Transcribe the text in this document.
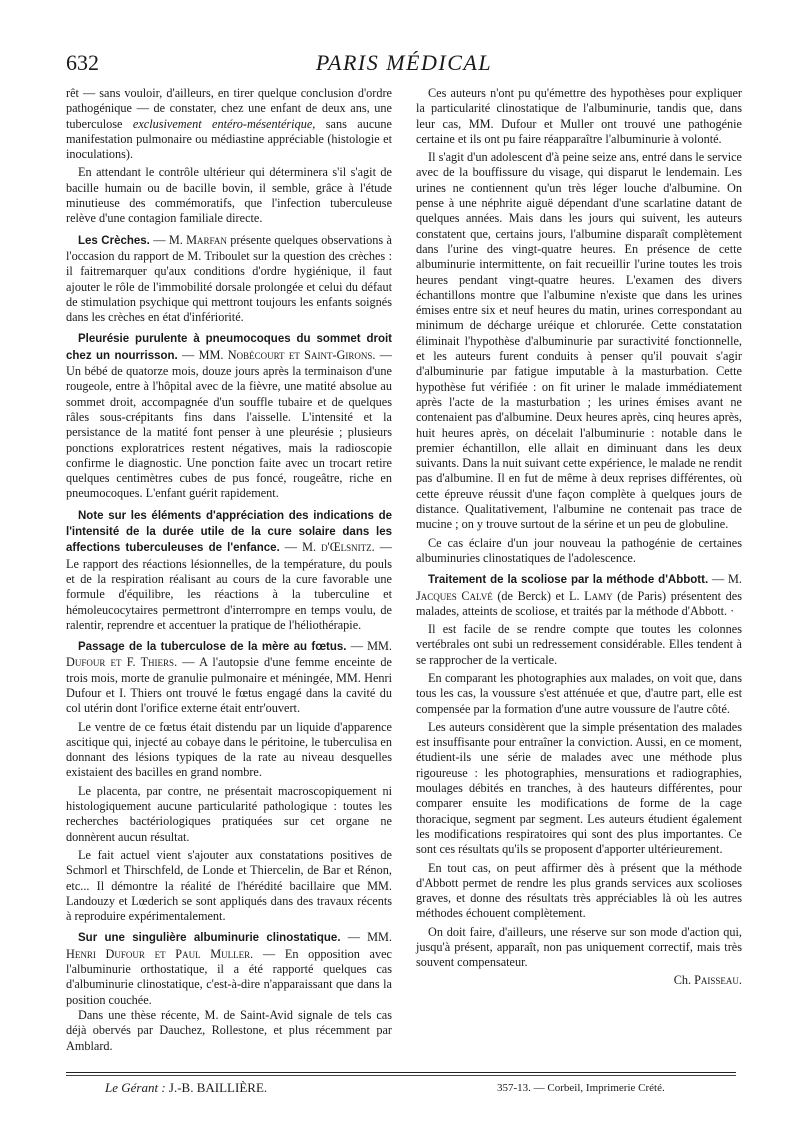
632	PARIS MÉDICAL

rêt — sans vouloir, d'ailleurs, en tirer quelque conclusion d'ordre pathogénique — de constater, chez une enfant de deux ans, une tuberculose exclusivement entéro-mésentérique, sans aucune manifestation pulmonaire ou médiastine appréciable (histologie et inoculations).

En attendant le contrôle ultérieur qui déterminera s'il s'agit de bacille humain ou de bacille bovin, il semble, grâce à l'étude minutieuse des commémoratifs, que l'infection tuberculeuse relève d'une contagion familiale directe.

Les Crèches. — M. Marfan présente quelques observations à l'occasion du rapport de M. Triboulet sur la question des crèches : il faitremarquer qu'aux conditions d'ordre hygiénique, il faut ajouter le rôle de l'immobilité dorsale prolongée et celui du défaut de stimulation psychique qui mettront toujours les enfants soignés dans les crèches en état d'infériorité.

Pleurésie purulente à pneumocoques du sommet droit chez un nourrisson. — MM. Nobécourt et Saint-Girons. — Un bébé de quatorze mois, douze jours après la terminaison d'une rougeole, entre à l'hôpital avec de la fièvre, une matité absolue au sommet droit, accompagnée d'un souffle tubaire et de quelques râles sous-crépitants fins dans l'aisselle. L'intensité et la persistance de la matité font penser à une pleurésie ; plusieurs ponctions exploratrices restent négatives, mais la radioscopie confirme le diagnostic. Une ponction faite avec un trocart retire quelques centimètres cubes de pus foncé, rougeâtre, riche en pneumocoques. L'enfant guérit rapidement.

Note sur les éléments d'appréciation des indications de l'intensité de la durée utile de la cure solaire dans les affections tuberculeuses de l'enfance. — M. d'Œlsnitz. — Le rapport des réactions lésionnelles, de la température, du pouls et de la respiration réalisant au cours de la cure favorable une formule d'équilibre, les réactions à la tuberculine et hémoleucocytaires permettront d'interrompre en temps voulu, de ralentir, reprendre et accentuer la pratique de l'héliothérapie.

Passage de la tuberculose de la mère au fœtus. — MM. Dufour et F. Thiers. — A l'autopsie d'une femme enceinte de trois mois, morte de granulie pulmonaire et méningée, MM. Henri Dufour et I. Thiers ont trouvé le fœtus engagé dans la cavité du col utérin dont l'orifice externe était entr'ouvert.

Le ventre de ce fœtus était distendu par un liquide d'apparence ascitique qui, injecté au cobaye dans le péritoine, le tuberculisa en donnant des lésions typiques de la rate au niveau desquelles existaient des bacilles en grand nombre.

Le placenta, par contre, ne présentait macroscopiquement ni histologiquement aucune particularité pathologique : toutes les recherches bactériologiques pratiquées sur cet organe ne donnèrent aucun résultat.

Le fait actuel vient s'ajouter aux constatations positives de Schmorl et Thirschfeld, de Londe et Thiercelin, de Bar et Rénon, etc... Il démontre la réalité de l'hérédité bacillaire que MM. Landouzy et Lœderich se sont appliqués dans des travaux récents à reproduire expérimentalement.

Sur une singulière albuminurie clinostatique. — MM. Henri Dufour et Paul Muller. — En opposition avec l'albuminurie orthostatique, il a été rapporté quelques cas d'albuminurie clinostatique, c'est-à-dire n'apparaissant que dans la position couchée.

Dans une thèse récente, M. de Saint-Avid signale de tels cas déjà obervés par Dauchez, Rollestone, et plus récemment par Amblard.

Ces auteurs n'ont pu qu'émettre des hypothèses pour expliquer la particularité clinostatique de l'albuminurie, tandis que, dans leur cas, MM. Dufour et Muller ont trouvé une pathogénie certaine et ils ont pu faire réapparaître l'albuminurie à volonté.

Il s'agit d'un adolescent d'à peine seize ans, entré dans le service avec de la bouffissure du visage, qui disparut le lendemain. Les urines ne contiennent qu'un très léger louche d'albumine. On pense à une néphrite aiguë dépendant d'une scarlatine datant de quelques années. Mais dans les jours qui suivent, les auteurs constatent que, certains jours, l'albumine disparaît complètement dans l'urine des vingt-quatre heures. En présence de cette albuminurie intermittente, on fait recueillir l'urine toutes les trois heures pendant vingt-quatre heures. L'examen des divers échantillons montre que l'albumine n'existe que dans les urines émises entre six et neuf heures du matin, urines correspondant au minimum de décharge uréique et chlorurée. Cette constatation éliminait l'hypothèse d'albuminurie par suractivité fonctionnelle, et les auteurs furent conduits à penser qu'il pouvait s'agir d'albuminurie par fatigue imputable à la masturbation. Cette hypothèse fut vérifiée : on fit uriner le malade immédiatement après l'acte de la masturbation ; les urines émises avant ne contenaient pas d'albumine. Deux heures après, cinq heures après, huit heures après, on décelait l'albuminurie : notable dans le premier échantillon, elle allait en diminuant dans les deux suivants. Dans la nuit suivant cette expérience, le malade ne rendit pas d'albumine. Il en fut de même à deux reprises différentes, où cette épreuve réussit d'une façon complète à quelques jours de distance. Qualitativement, l'albumine ne contenait pas trace de mucine ; on y trouve surtout de la sérine et un peu de globuline.

Ce cas éclaire d'un jour nouveau la pathogénie de certaines albuminuries clinostatiques de l'adolescence.

Traitement de la scoliose par la méthode d'Abbott. — M. Jacques Calvé (de Berck) et L. Lamy (de Paris) présentent des malades, atteints de scoliose, et traités par la méthode d'Abbott. ·

Il est facile de se rendre compte que toutes les colonnes vertébrales ont subi un redressement considérable. Elles tendent à se rapprocher de la verticale.

En comparant les photographies aux malades, on voit que, dans tous les cas, la voussure s'est atténuée et que, d'autre part, elle est compensée par la formation d'une autre voussure de l'autre côté.

Les auteurs considèrent que la simple présentation des malades est insuffisante pour entraîner la conviction. Aussi, en ce moment, étudient-ils une série de malades avec une méthode plus rigoureuse : les photographies, mensurations et radiographies, moulages débités en tranches, à des hauteurs différentes, pour comparer ensuite les modifications de forme de la cage thoracique, segment par segment. Les auteurs étudient également les modifications respiratoires qui sont des plus importantes. Ce sont ces résultats qu'ils se proposent d'apporter ultérieurement.

En tout cas, on peut affirmer dès à présent que la méthode d'Abbott permet de rendre les plus grands services aux scolioses graves, et donne des résultats très appréciables là où les autres méthodes échouent complètement.

On doit faire, d'ailleurs, une réserve sur son mode d'action qui, jusqu'à présent, apparaît, non pas uniquement correctif, mais très souvent compensateur.

Ch. Paisseau.

Le Gérant : J.-B. BAILLIÈRE.	357-13. — Corbeil, Imprimerie Crété.
